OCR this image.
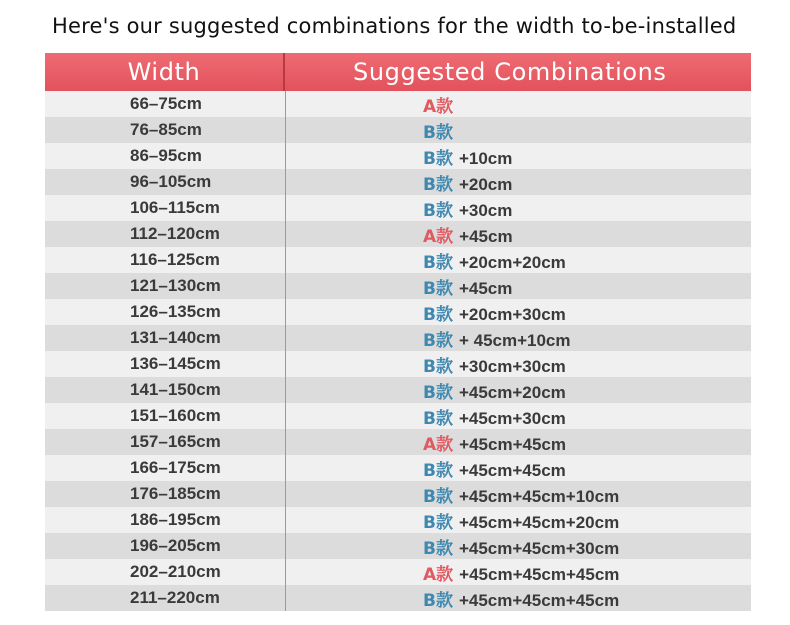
Here's our suggested combinations for the width to-be-installed
Width	Suggested Combinations
66–75cm	A款
76–85cm	B款
86–95cm	B款 +10cm
96–105cm	B款 +20cm
106–115cm	B款 +30cm
112–120cm	A款 +45cm
116–125cm	B款 +20cm+20cm
121–130cm	B款 +45cm
126–135cm	B款 +20cm+30cm
131–140cm	B款 + 45cm+10cm
136–145cm	B款 +30cm+30cm
141–150cm	B款 +45cm+20cm
151–160cm	B款 +45cm+30cm
157–165cm	A款 +45cm+45cm
166–175cm	B款 +45cm+45cm
176–185cm	B款 +45cm+45cm+10cm
186–195cm	B款 +45cm+45cm+20cm
196–205cm	B款 +45cm+45cm+30cm
202–210cm	A款 +45cm+45cm+45cm
211–220cm	B款 +45cm+45cm+45cm
